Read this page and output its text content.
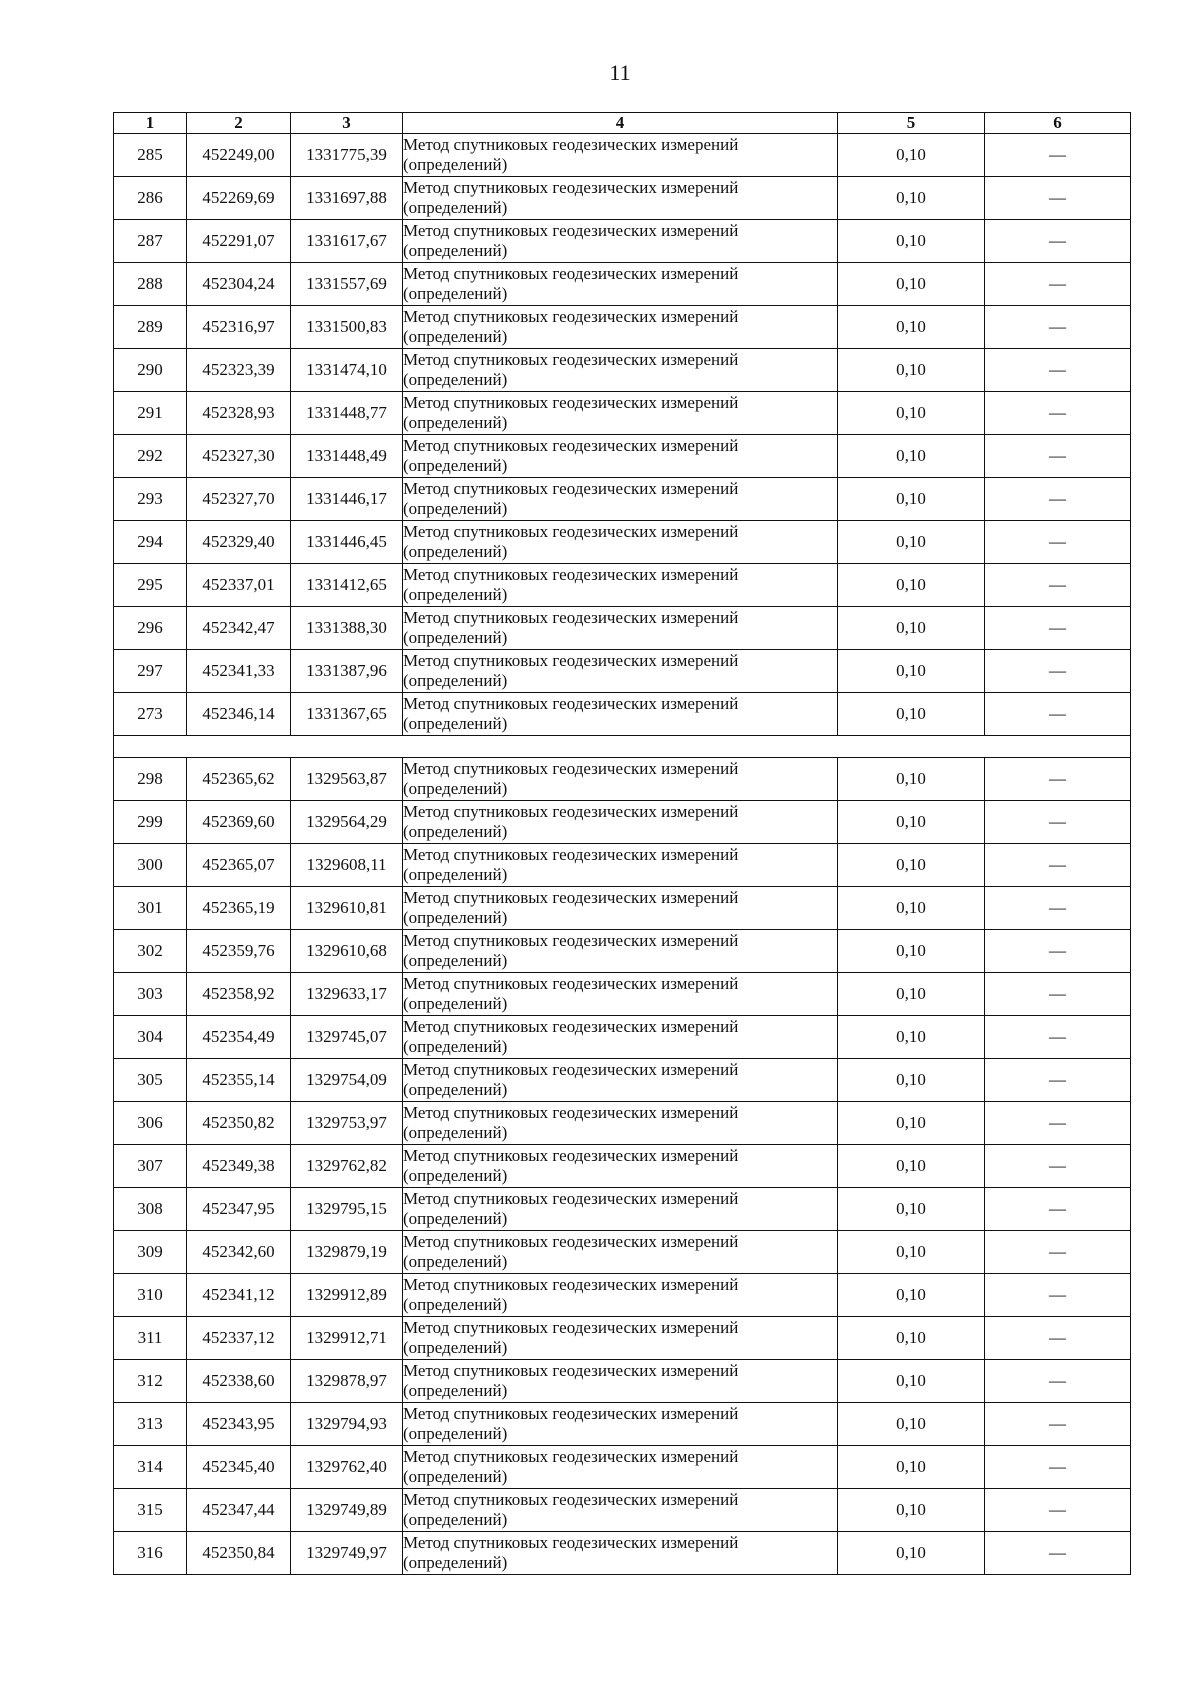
11
1	2	3	4	5	6
285	452249,00	1331775,39	Метод спутниковых геодезических измерений
(определений)	0,10	—
286	452269,69	1331697,88	Метод спутниковых геодезических измерений
(определений)	0,10	—
287	452291,07	1331617,67	Метод спутниковых геодезических измерений
(определений)	0,10	—
288	452304,24	1331557,69	Метод спутниковых геодезических измерений
(определений)	0,10	—
289	452316,97	1331500,83	Метод спутниковых геодезических измерений
(определений)	0,10	—
290	452323,39	1331474,10	Метод спутниковых геодезических измерений
(определений)	0,10	—
291	452328,93	1331448,77	Метод спутниковых геодезических измерений
(определений)	0,10	—
292	452327,30	1331448,49	Метод спутниковых геодезических измерений
(определений)	0,10	—
293	452327,70	1331446,17	Метод спутниковых геодезических измерений
(определений)	0,10	—
294	452329,40	1331446,45	Метод спутниковых геодезических измерений
(определений)	0,10	—
295	452337,01	1331412,65	Метод спутниковых геодезических измерений
(определений)	0,10	—
296	452342,47	1331388,30	Метод спутниковых геодезических измерений
(определений)	0,10	—
297	452341,33	1331387,96	Метод спутниковых геодезических измерений
(определений)	0,10	—
273	452346,14	1331367,65	Метод спутниковых геодезических измерений
(определений)	0,10	—

298	452365,62	1329563,87	Метод спутниковых геодезических измерений
(определений)	0,10	—
299	452369,60	1329564,29	Метод спутниковых геодезических измерений
(определений)	0,10	—
300	452365,07	1329608,11	Метод спутниковых геодезических измерений
(определений)	0,10	—
301	452365,19	1329610,81	Метод спутниковых геодезических измерений
(определений)	0,10	—
302	452359,76	1329610,68	Метод спутниковых геодезических измерений
(определений)	0,10	—
303	452358,92	1329633,17	Метод спутниковых геодезических измерений
(определений)	0,10	—
304	452354,49	1329745,07	Метод спутниковых геодезических измерений
(определений)	0,10	—
305	452355,14	1329754,09	Метод спутниковых геодезических измерений
(определений)	0,10	—
306	452350,82	1329753,97	Метод спутниковых геодезических измерений
(определений)	0,10	—
307	452349,38	1329762,82	Метод спутниковых геодезических измерений
(определений)	0,10	—
308	452347,95	1329795,15	Метод спутниковых геодезических измерений
(определений)	0,10	—
309	452342,60	1329879,19	Метод спутниковых геодезических измерений
(определений)	0,10	—
310	452341,12	1329912,89	Метод спутниковых геодезических измерений
(определений)	0,10	—
311	452337,12	1329912,71	Метод спутниковых геодезических измерений
(определений)	0,10	—
312	452338,60	1329878,97	Метод спутниковых геодезических измерений
(определений)	0,10	—
313	452343,95	1329794,93	Метод спутниковых геодезических измерений
(определений)	0,10	—
314	452345,40	1329762,40	Метод спутниковых геодезических измерений
(определений)	0,10	—
315	452347,44	1329749,89	Метод спутниковых геодезических измерений
(определений)	0,10	—
316	452350,84	1329749,97	Метод спутниковых геодезических измерений
(определений)	0,10	—
